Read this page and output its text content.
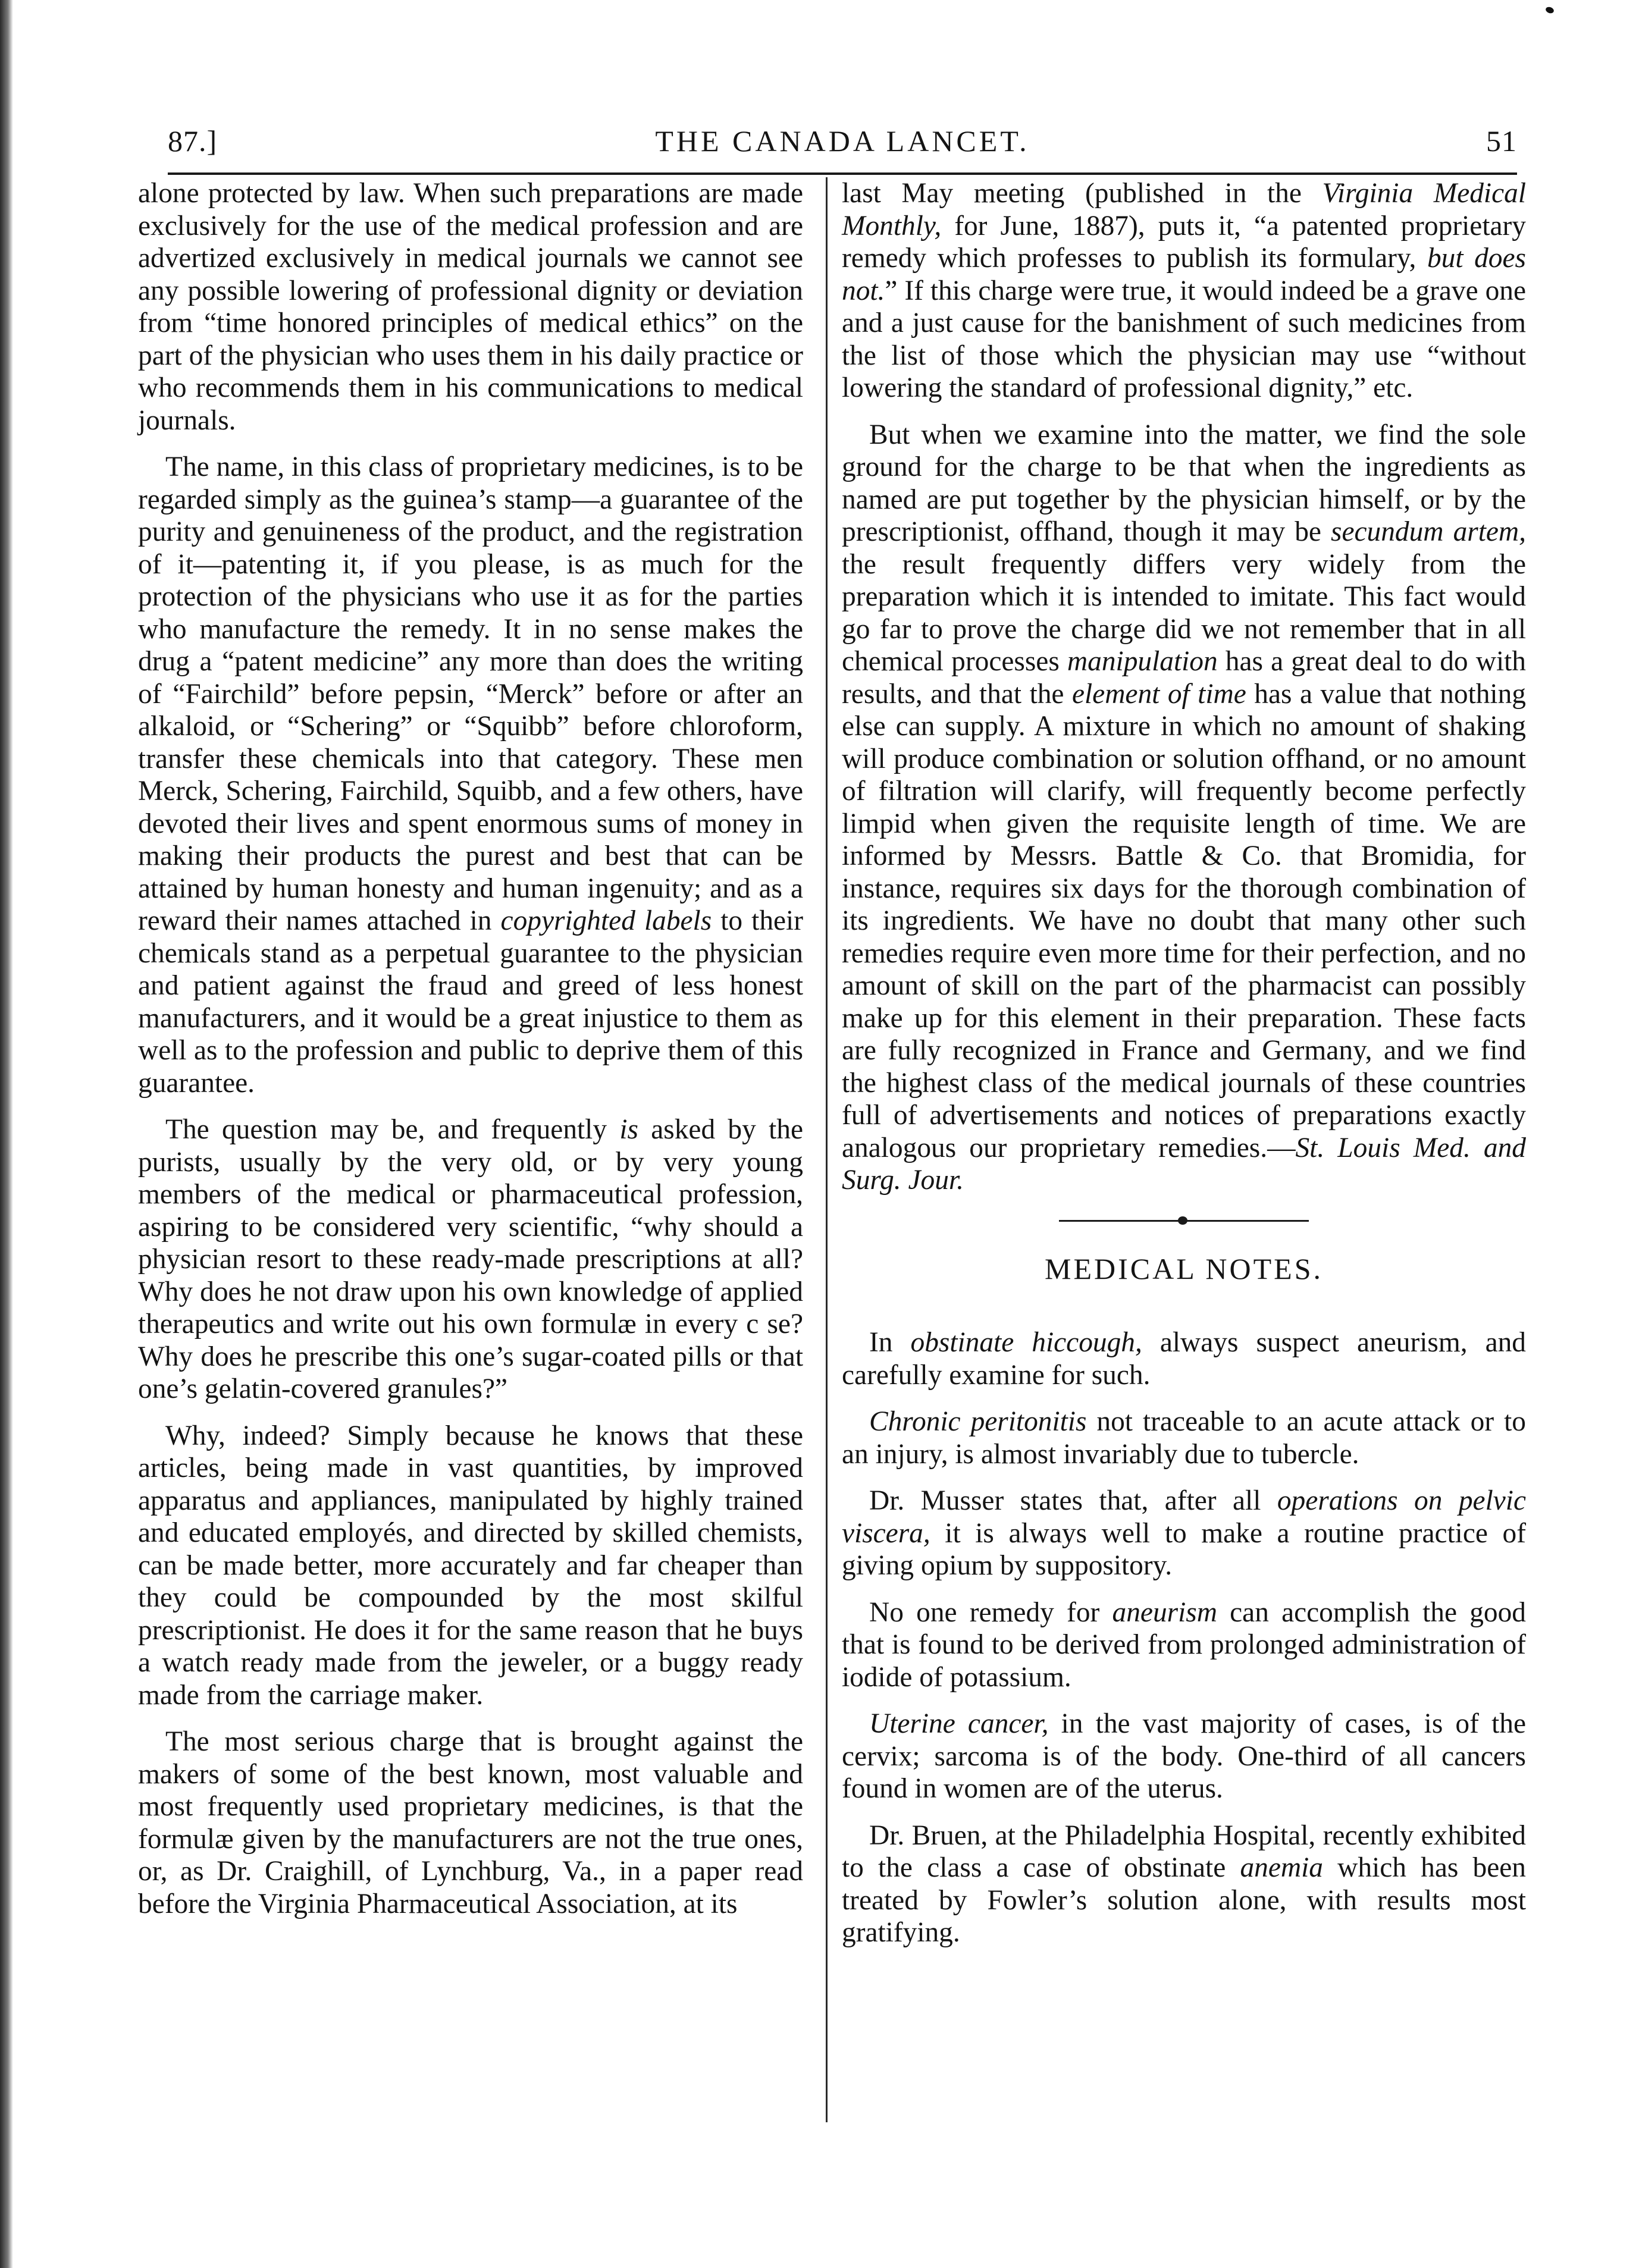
87.]	THE CANADA LANCET.	51

alone protected by law. When such preparations are made exclusively for the use of the medical profession and are advertized exclusively in medical journals we cannot see any possible lowering of professional dignity or deviation from “time honored principles of medical ethics” on the part of the physician who uses them in his daily practice or who recommends them in his communications to medical journals.

The name, in this class of proprietary medicines, is to be regarded simply as the guinea’s stamp—a guarantee of the purity and genuineness of the product, and the registration of it—patenting it, if you please, is as much for the protection of the physicians who use it as for the parties who manufacture the remedy. It in no sense makes the drug a “patent medicine” any more than does the writing of “Fairchild” before pepsin, “Merck” before or after an alkaloid, or “Schering” or “Squibb” before chloroform, transfer these chemicals into that category. These men Merck, Schering, Fairchild, Squibb, and a few others, have devoted their lives and spent enormous sums of money in making their products the purest and best that can be attained by human honesty and human ingenuity; and as a reward their names attached in copyrighted labels to their chemicals stand as a perpetual guarantee to the physician and patient against the fraud and greed of less honest manufacturers, and it would be a great injustice to them as well as to the profession and public to deprive them of this guarantee.

The question may be, and frequently is asked by the purists, usually by the very old, or by very young members of the medical or pharmaceutical profession, aspiring to be considered very scientific, “why should a physician resort to these ready-made prescriptions at all? Why does he not draw upon his own knowledge of applied therapeutics and write out his own formulæ in every c se? Why does he prescribe this one’s sugar-coated pills or that one’s gelatin-covered granules?”

Why, indeed? Simply because he knows that these articles, being made in vast quantities, by improved apparatus and appliances, manipulated by highly trained and educated employés, and directed by skilled chemists, can be made better, more accurately and far cheaper than they could be compounded by the most skilful prescriptionist. He does it for the same reason that he buys a watch ready made from the jeweler, or a buggy ready made from the carriage maker.

The most serious charge that is brought against the makers of some of the best known, most valuable and most frequently used proprietary medicines, is that the formulæ given by the manufacturers are not the true ones, or, as Dr. Craighill, of Lynchburg, Va., in a paper read before the Virginia Pharmaceutical Association, at its

last May meeting (published in the Virginia Medical Monthly, for June, 1887), puts it, “a patented proprietary remedy which professes to publish its formulary, but does not.” If this charge were true, it would indeed be a grave one and a just cause for the banishment of such medicines from the list of those which the physician may use “without lowering the standard of professional dignity,” etc.

But when we examine into the matter, we find the sole ground for the charge to be that when the ingredients as named are put together by the physician himself, or by the prescriptionist, offhand, though it may be secundum artem, the result frequently differs very widely from the preparation which it is intended to imitate. This fact would go far to prove the charge did we not remember that in all chemical processes manipulation has a great deal to do with results, and that the element of time has a value that nothing else can supply. A mixture in which no amount of shaking will produce combination or solution offhand, or no amount of filtration will clarify, will frequently become perfectly limpid when given the requisite length of time. We are informed by Messrs. Battle & Co. that Bromidia, for instance, requires six days for the thorough combination of its ingredients. We have no doubt that many other such remedies require even more time for their perfection, and no amount of skill on the part of the pharmacist can possibly make up for this element in their preparation. These facts are fully recognized in France and Germany, and we find the highest class of the medical journals of these countries full of advertisements and notices of preparations exactly analogous our proprietary remedies.—St. Louis Med. and Surg. Jour.

MEDICAL NOTES.

In obstinate hiccough, always suspect aneurism, and carefully examine for such.

Chronic peritonitis not traceable to an acute attack or to an injury, is almost invariably due to tubercle.

Dr. Musser states that, after all operations on pelvic viscera, it is always well to make a routine practice of giving opium by suppository.

No one remedy for aneurism can accomplish the good that is found to be derived from prolonged administration of iodide of potassium.

Uterine cancer, in the vast majority of cases, is of the cervix; sarcoma is of the body. One-third of all cancers found in women are of the uterus.

Dr. Bruen, at the Philadelphia Hospital, recently exhibited to the class a case of obstinate anemia which has been treated by Fowler’s solution alone, with results most gratifying.
